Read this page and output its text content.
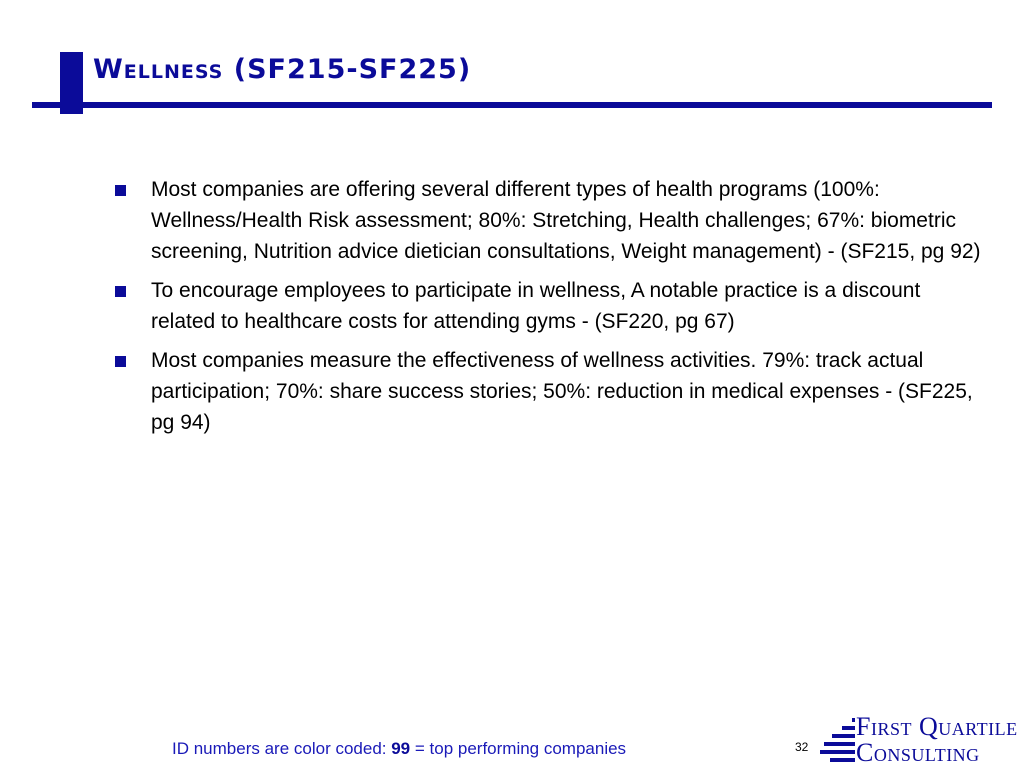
Wellness (SF215-SF225)
Most companies are offering several different types of health programs (100%: Wellness/Health Risk assessment; 80%: Stretching, Health challenges; 67%: biometric screening, Nutrition advice dietician consultations, Weight management) - (SF215, pg 92)
To encourage employees to participate in wellness, A notable practice is a discount related to healthcare costs for attending gyms - (SF220, pg 67)
Most companies measure the effectiveness of wellness activities. 79%: track actual participation; 70%: share success stories; 50%: reduction in medical expenses - (SF225, pg 94)
ID numbers are color coded: 99 = top performing companies	32
First Quartile
Consulting
